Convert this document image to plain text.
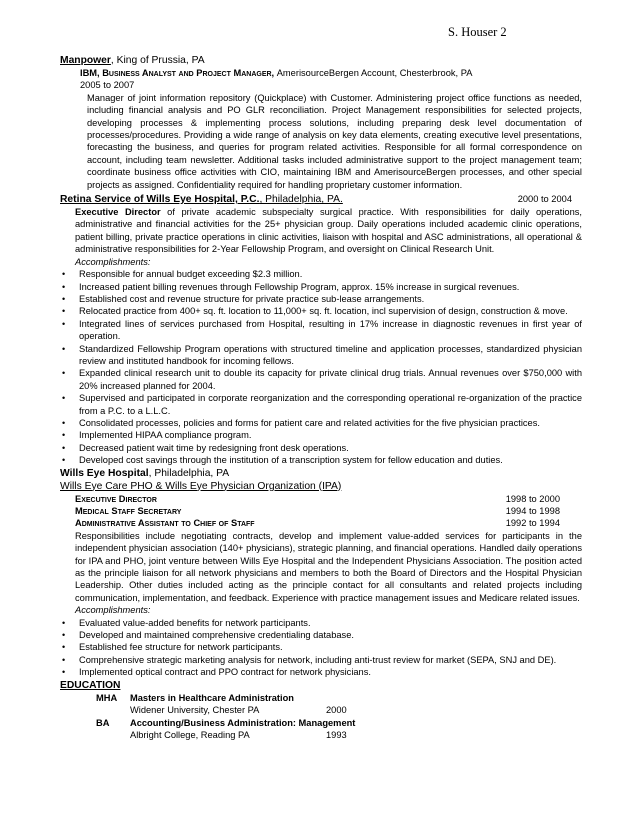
S. Houser 2
Manpower, King of Prussia, PA
IBM, Business Analyst and Project Manager, AmerisourceBergen Account, Chesterbrook, PA
2005 to 2007
Manager of joint information repository (Quickplace) with Customer. Administering project office functions as needed, including financial analysis and PO GLR reconciliation. Project Management responsibilities for selected projects, developing processes & implementing process solutions, including preparing desk level documentation of processes/procedures. Providing a wide range of analysis on key data elements, creating executive level presentations, forecasting the business, and queries for program related activities. Responsible for all formal correspondence on account, including team newsletter. Additional tasks included administrative support to the project management team; coordinate business office activities with CIO, maintaining IBM and AmerisourceBergen processes, and other special projects as assigned. Confidentiality required for handling proprietary customer information.
Retina Service of Wills Eye Hospital, P.C., Philadelphia, PA.	2000 to 2004
Executive Director of private academic subspecialty surgical practice. With responsibilities for daily operations, administrative and financial activities for the 25+ physician group. Daily operations included academic clinic operations, patient billing, private practice operations in clinic activities, liaison with hospital and ASC administrations, all operational & administrative responsibilities for 2-Year Fellowship Program, and oversight on Clinical Research Unit.
Accomplishments:
• Responsible for annual budget exceeding $2.3 million.
• Increased patient billing revenues through Fellowship Program, approx. 15% increase in surgical revenues.
• Established cost and revenue structure for private practice sub-lease arrangements.
• Relocated practice from 400+ sq. ft. location to 11,000+ sq. ft. location, incl supervision of design, construction & move.
• Integrated lines of services purchased from Hospital, resulting in 17% increase in diagnostic revenues in first year of operation.
• Standardized Fellowship Program operations with structured timeline and application processes, standardized physician review and instituted handbook for incoming fellows.
• Expanded clinical research unit to double its capacity for private clinical drug trials. Annual revenues over $750,000 with 20% increased planned for 2004.
• Supervised and participated in corporate reorganization and the corresponding operational re-organization of the practice from a P.C. to a L.L.C.
• Consolidated processes, policies and forms for patient care and related activities for the five physician practices.
• Implemented HIPAA compliance program.
• Decreased patient wait time by redesigning front desk operations.
• Developed cost savings through the institution of a transcription system for fellow education and duties.
Wills Eye Hospital, Philadelphia, PA
Wills Eye Care PHO & Wills Eye Physician Organization (IPA)
Executive Director	1998 to 2000
Medical Staff Secretary	1994 to 1998
Administrative Assistant to Chief of Staff	1992 to 1994
Responsibilities include negotiating contracts, develop and implement value-added services for participants in the independent physician association (140+ physicians), strategic planning, and financial operations. Handled daily operations for IPA and PHO, joint venture between Wills Eye Hospital and the Independent Physicians Association. The position acted as the principle liaison for all network physicians and members to both the Board of Directors and the Hospital Physician Leadership. Other duties included acting as the principle contact for all consultants and related projects including communication, implementation, and feedback. Experience with practice management issues and Medicare related issues.
Accomplishments:
• Evaluated value-added benefits for network participants.
• Developed and maintained comprehensive credentialing database.
• Established fee structure for network participants.
• Comprehensive strategic marketing analysis for network, including anti-trust review for market (SEPA, SNJ and DE).
• Implemented optical contract and PPO contract for network physicians.
EDUCATION
MHA	Masters in Healthcare Administration
Widener University, Chester PA	2000
BA	Accounting/Business Administration: Management
Albright College, Reading PA	1993
